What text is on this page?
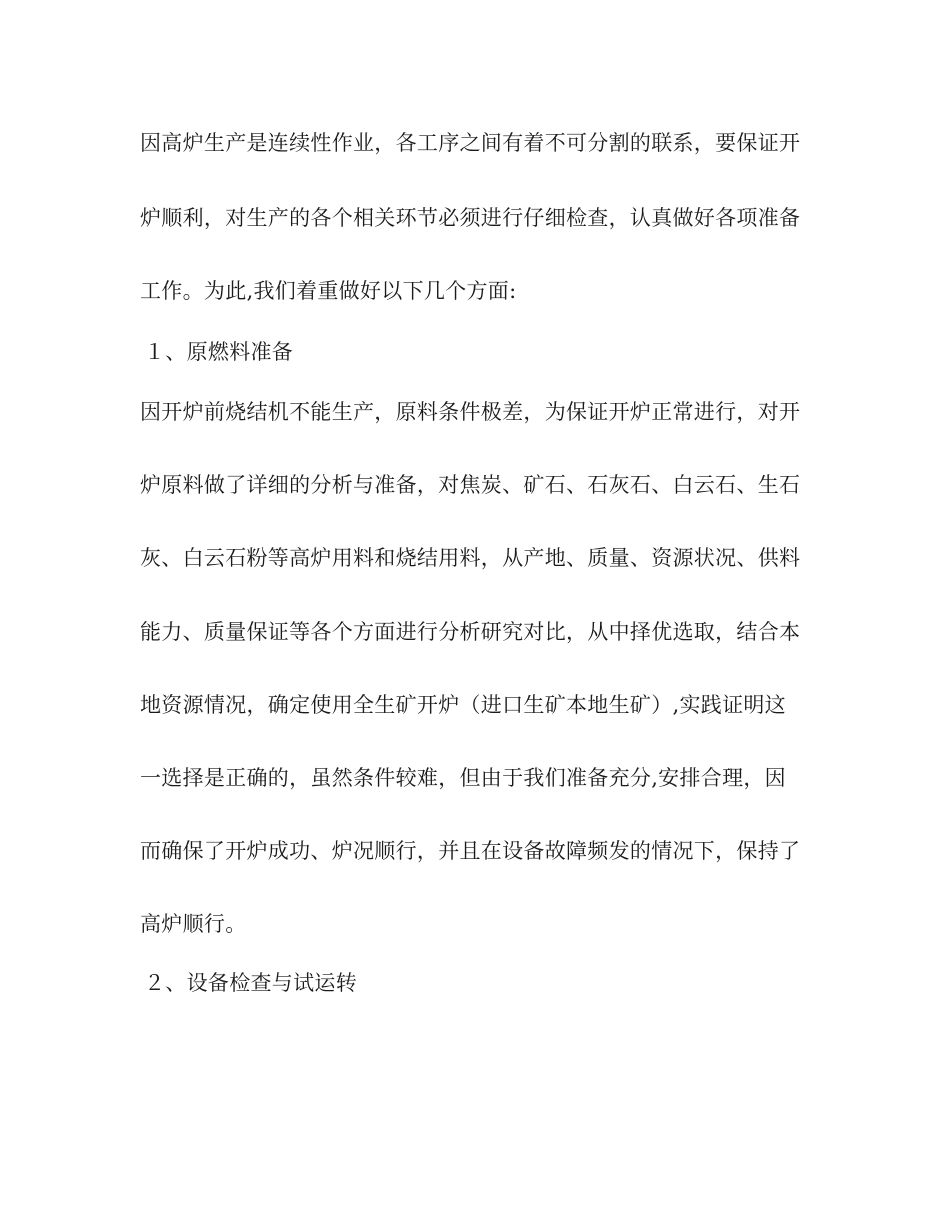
因高炉生产是连续性作业，各工序之间有着不可分割的联系，要保证开
炉顺利，对生产的各个相关环节必须进行仔细检查，认真做好各项准备
工作。为此,我们着重做好以下几个方面:
１、原燃料准备
因开炉前烧结机不能生产，原料条件极差，为保证开炉正常进行，对开
炉原料做了详细的分析与准备，对焦炭、矿石、石灰石、白云石、生石
灰、白云石粉等高炉用料和烧结用料，从产地、质量、资源状况、供料
能力、质量保证等各个方面进行分析研究对比，从中择优选取，结合本
地资源情况，确定使用全生矿开炉（进口生矿本地生矿）,实践证明这
一选择是正确的，虽然条件较难，但由于我们准备充分,安排合理，因
而确保了开炉成功、炉况顺行，并且在设备故障频发的情况下，保持了
高炉顺行。
２、设备检查与试运转
